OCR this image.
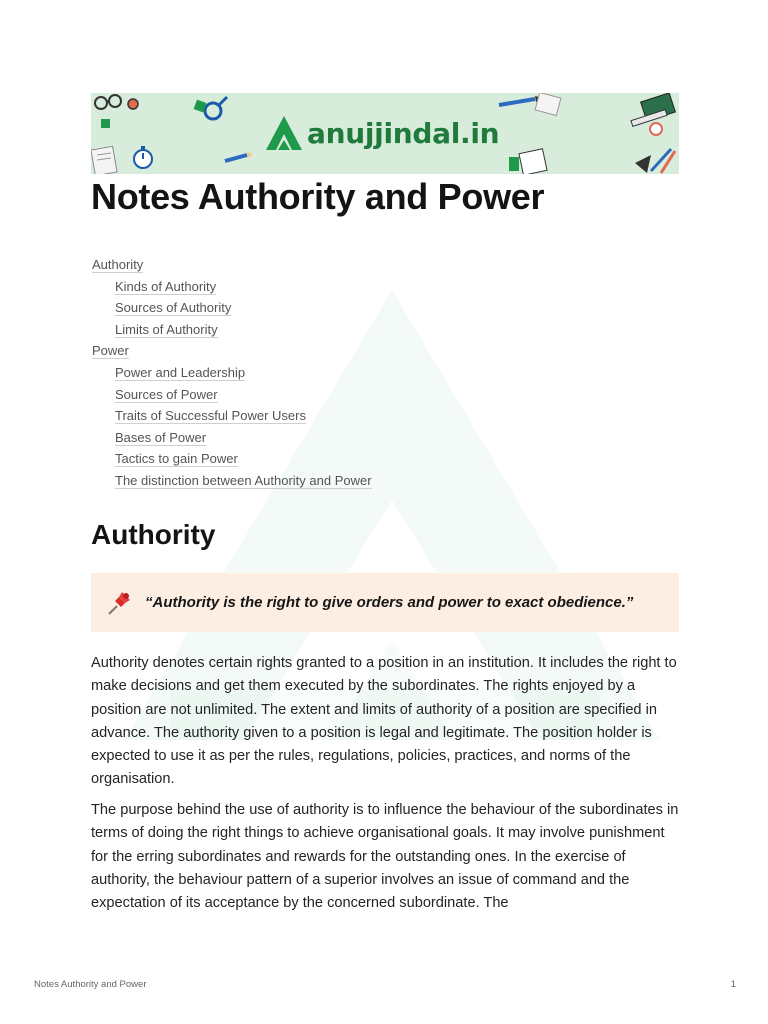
anujjindal.in
Notes Authority and Power
Authority
Kinds of Authority
Sources of Authority
Limits of Authority
Power
Power and Leadership
Sources of Power
Traits of Successful Power Users
Bases of Power
Tactics to gain Power
The distinction between Authority and Power
Authority
“Authority is the right to give orders and power to exact obedience.”

Authority denotes certain rights granted to a position in an institution. It includes the right to make decisions and get them executed by the subordinates. The rights enjoyed by a position are not unlimited. The extent and limits of authority of a position are specified in advance. The authority given to a position is legal and legitimate. The position holder is expected to use it as per the rules, regulations, policies, practices, and norms of the organisation.

The purpose behind the use of authority is to influence the behaviour of the subordinates in terms of doing the right things to achieve organisational goals. It may involve punishment for the erring subordinates and rewards for the outstanding ones. In the exercise of authority, the behaviour pattern of a superior involves an issue of command and the expectation of its acceptance by the concerned subordinate. The

Notes Authority and Power	1
